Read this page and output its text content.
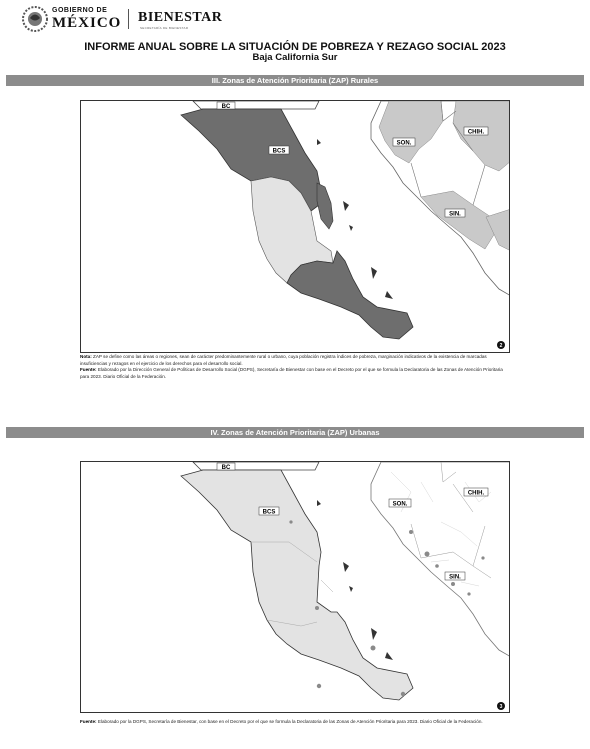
GOBIERNO DE
MÉXICO BIENESTAR
SECRETARÍA DE BIENESTAR
INFORME ANUAL SOBRE LA SITUACIÓN DE POBREZA Y REZAGO SOCIAL 2023
Baja California Sur
III. Zonas de Atención Prioritaria (ZAP) Rurales
BC
BCS
SON.
CHIH.
SIN.
2
Nota: ZAP se define como las áreas o regiones, sean de carácter predominantemente rural o urbano, cuya población registra índices de pobreza, marginación indicativos de la existencia de marcadas insuficiencias y rezagos en el ejercicio de los derechos para el desarrollo social.
Fuente: Elaborado por la Dirección General de Políticas de Desarrollo Social (DGPS), Secretaría de Bienestar con base en el Decreto por el que se formula la Declaratoria de las Zonas de Atención Prioritaria para 2023. Diario Oficial de la Federación.
IV. Zonas de Atención Prioritaria (ZAP) Urbanas
BC
BCS
SON.
CHIH.
SIN.
3
Fuente: Elaborado por la DGPS, Secretaría de Bienestar, con base en el Decreto por el que se formula la Declaratoria de las Zonas de Atención Prioritaria para 2023. Diario Oficial de la Federación.
